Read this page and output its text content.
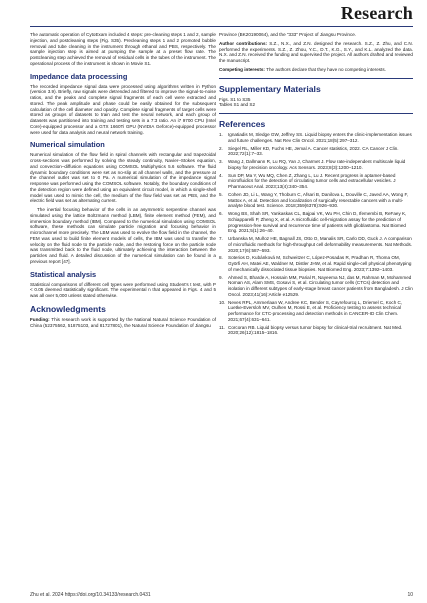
Research

The automatic operation of CytoExam included 4 steps: pre-cleaning steps 1 and 2, sample injection, and postcleaning steps (Fig. S35). Precleaning steps 1 and 2 promoted bubble removal and tube cleaning in the instrument through ethanol and PBS, respectively. The sample injection step is aimed at pumping the sample at a preset flow rate. The postcleaning step achieved the removal of residual cells in the tubes of the instrument. The operational process of the instrument is shown in Movie S1.

Impedance data processing

The recorded impedance signal data were processed using algorithms written in Python (version 3.9). Briefly, raw signals were detrended and filtered to improve the signal-to-noise ratios, and the peaks and complete signal fragments of each cell were extracted and stored. The peak amplitude and phase could be easily obtained for the subsequent calculation of the cell diameter and opacity. Complete signal fragments of target cells were stored as groups of datasets to train and test the neural network, and each group of datasets was partitioned into training and testing sets in a 7:3 ratio. An i7 9700 CPU (Intel Core)-equipped processor and a GTX 1660Ti GPU (NVIDIA Geforce)-equipped processor were used for data analysis and neural network training.

Numerical simulation

Numerical simulation of the flow field in spiral channels with rectangular and trapezoidal cross-sections was performed by solving the steady continuity, Navier–Stokes equation, and convection–diffusion equations using COMSOL Multiphysics 5.6 software. The fluid dynamic boundary conditions were set as no-slip at all channel walls, and the pressure at the channel outlet was set to 0 Pa. A numerical simulation of the impedance signal response was performed using the COMSOL software. Notably, the boundary conditions of the detection region were defined using an equivalent circuit model, in which a single-shell model was used to mimic the cell, the medium of the flow field was set as PBS, and the electric field was set as alternating current.

The inertial focusing behavior of the cells in an asymmetric serpentine channel was simulated using the lattice Boltzmann method (LBM), finite element method (FEM), and immersion boundary method (IBM). Compared to the numerical simulation using COMSOL software, these methods can simulate particle migration and focusing behavior in microchannel more precisely. The LBM was used to evolve the flow field in the channel, the FEM was used to build finite element models of cells, the IBM was used to transfer the velocity on the fluid node to the particle node, and the restoring force on the particle node was transmitted back to the fluid node, ultimately achieving the interaction between the particles and fluid. A detailed discussion of the numerical simulation can be found in a previous report [47].

Statistical analysis

Statistical comparisons of different cell types were performed using Student's t test, with P < 0.05 deemed statistically significant. The experimental n that appeared in Figs. 4 and 5 was all over 5,000 unless stated otherwise.

Acknowledgments

Funding: This research work is supported by the National Natural Science Foundation of China (52375562, 51875103, and 81727801), the Natural Science Foundation of Jiangsu

Province (BK20190064), and the "333" Project of Jiangsu Province.

Author contributions: S.Z., N.X., and Z.N. designed the research. S.Z., Z. Zhu, and C.N. performed the experiments. S.Z., Z. Zhou, Y.C., D.T., K.G., S.Y., and K.L. analyzed the data. N.X. and Z.N. received the funding and supervised the project. All authors drafted and reviewed the manuscript.

Competing interests: The authors declare that they have no competing interests.

Supplementary Materials
Figs. S1 to S35
Tables S1 and S2
References
1.	Ignatiadis M, Sledge GW, Jeffrey SS. Liquid biopsy enters the clinic-implementation issues and future challenges. Nat Rev Clin Oncol. 2021;18(5):297–312.
2.	Siegel RL, Miller KD, Fuchs HE, Jemal A. Cancer statistics, 2022. CA Cancer J Clin. 2022;72(1):7–33.
3.	Wang J, Dallmann R, Lu RQ, Yan J, Charmet J. Flow rate-independent multiscale liquid biopsy for precision oncology. Acs Sensors. 2023;8(3):1200–1210.
4.	Sun DP, Ma Y, Wu MQ, Chen Z, Zhang L, Lu J. Recent progress in aptamer-based microfluidics for the detection of circulating tumor cells and extracellular vesicles. J Pharmaceut Anal. 2023;13(4):340–354.
5.	Cohen JD, Li L, Wang Y, Thoburn C, Afsari B, Danilova L, Douville C, Javed AA, Wong F, Mattox A, et al. Detection and localization of surgically resectable cancers with a multi-analyte blood test. Science. 2018;359(6378):926–930.
6.	Wong BS, Shah SR, Yankaskas CL, Bajpai VK, Wu PH, Chin D, Ifemembi B, ReFaey K, Schiapparelli P, Zheng X, et al. A microfluidic cell-migration assay for the prediction of progression-free survival and recurrence time of patients with glioblastoma. Nat Biomed Eng. 2021;5(1):26–40.
7.	Urbanska M, Muñoz HE, Bagnall JS, Otto O, Manalis SR, Carlo DD, Guck J. A comparison of microfluidic methods for high-throughput cell deformability measurements. Nat Methods. 2020;17(6):587–593.
8.	Soterios D, Kubánková M, Schweitzer C, López-Posadas R, Pradhan R, Thoma OM, Györfi AH, Matei AE, Waldner M, Distler JHW, et al. Rapid single-cell physical phenotyping of mechanically dissociated tissue biopsies. Nat Biomed Eng. 2023;7:1392–1403.
9.	Ahmed S, Bharde A, Hossain MM, Parial R, Nayeema NJ, das M, Rahman M, Mohammed Noman AS, Alam SMS, Gosavi S, et al. Circulating tumor cells (CTCs) detection and isolation in different subtypes of early-stage breast cancer patients from Bangladesh. J Clin Oncol. 2023;41(16):Article e12529.
10. Neves RPL, Ammerlaan W, Andree KC, Bender S, Cayrefourcq L, Driemel C, Koch C, Luetke-Eversloh MV, Oulhen M, Rossi E, et al. Proficiency testing to assess technical performance for CTC-processing and detection methods in CANCER-ID Clin Chem. 2021;67(4):631–641.
11. Corcoran RB. Liquid biopsy versus tumor biopsy for clinical-trial recruitment. Nat Med. 2020;26(12):1815–1816.
Zhu et al. 2024 https://doi.org/10.34133/research.0431	10
